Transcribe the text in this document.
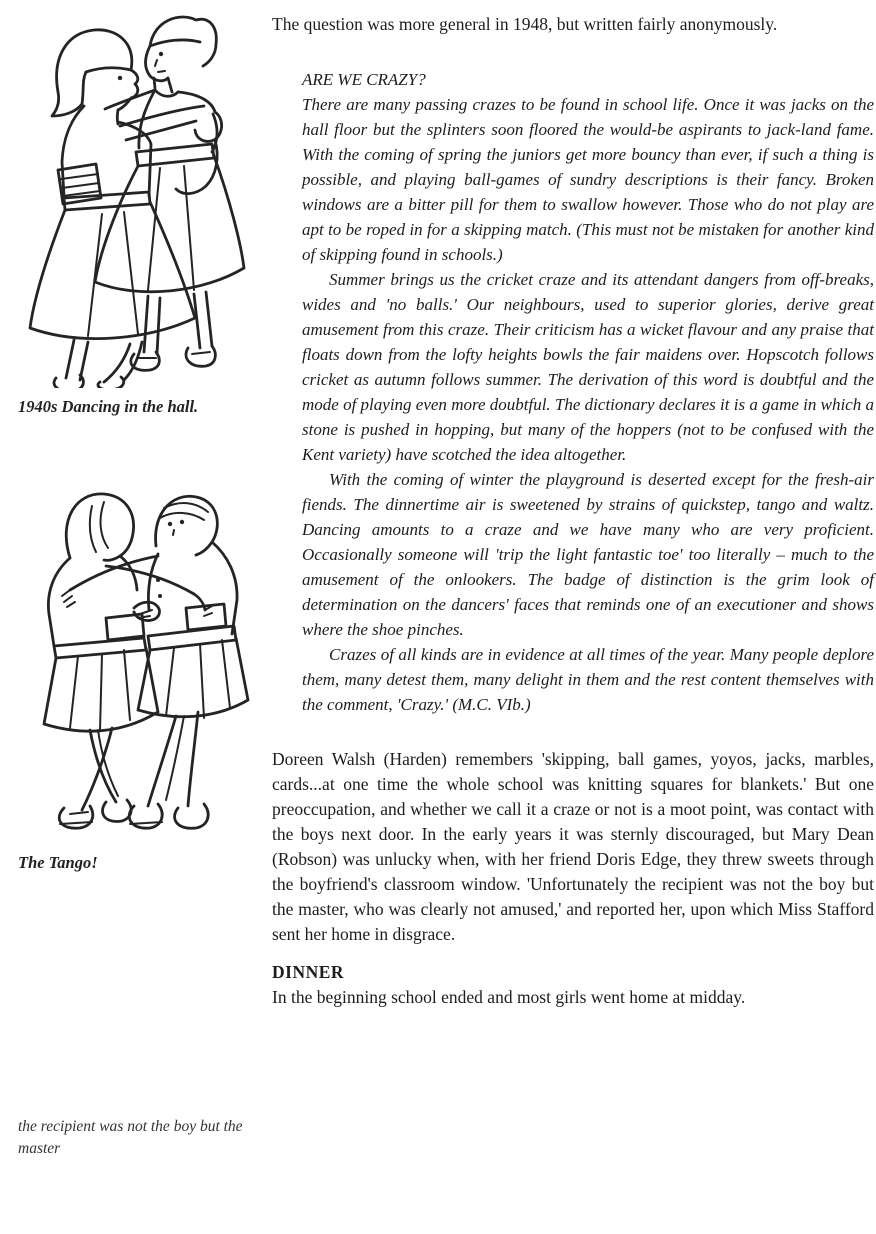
1940s Dancing in the hall.
The Tango!
the recipient was not the boy but the master

The question was more general in 1948, but written fairly anonymously.

ARE WE CRAZY?

There are many passing crazes to be found in school life. Once it was jacks on the hall floor but the splinters soon floored the would-be aspirants to jack-land fame. With the coming of spring the juniors get more bouncy than ever, if such a thing is possible, and playing ball-games of sundry descriptions is their fancy. Broken windows are a bitter pill for them to swallow however. Those who do not play are apt to be roped in for a skipping match. (This must not be mistaken for another kind of skipping found in schools.)

Summer brings us the cricket craze and its attendant dangers from off-breaks, wides and 'no balls.' Our neighbours, used to superior glories, derive great amusement from this craze. Their criticism has a wicket flavour and any praise that floats down from the lofty heights bowls the fair maidens over. Hopscotch follows cricket as autumn follows summer. The derivation of this word is doubtful and the mode of playing even more doubtful. The dictionary declares it is a game in which a stone is pushed in hopping, but many of the hoppers (not to be confused with the Kent variety) have scotched the idea altogether.

With the coming of winter the playground is deserted except for the fresh-air fiends. The dinnertime air is sweetened by strains of quickstep, tango and waltz. Dancing amounts to a craze and we have many who are very proficient. Occasionally someone will 'trip the light fantastic toe' too literally – much to the amusement of the onlookers. The badge of distinction is the grim look of determination on the dancers' faces that reminds one of an executioner and shows where the shoe pinches.

Crazes of all kinds are in evidence at all times of the year. Many people deplore them, many detest them, many delight in them and the rest content themselves with the comment, 'Crazy.' (M.C. VIb.)

Doreen Walsh (Harden) remembers 'skipping, ball games, yoyos, jacks, marbles, cards...at one time the whole school was knitting squares for blankets.' But one preoccupation, and whether we call it a craze or not is a moot point, was contact with the boys next door. In the early years it was sternly discouraged, but Mary Dean (Robson) was unlucky when, with her friend Doris Edge, they threw sweets through the boyfriend's classroom window. 'Unfortunately the recipient was not the boy but the master, who was clearly not amused,' and reported her, upon which Miss Stafford sent her home in disgrace.

DINNER

In the beginning school ended and most girls went home at midday.
